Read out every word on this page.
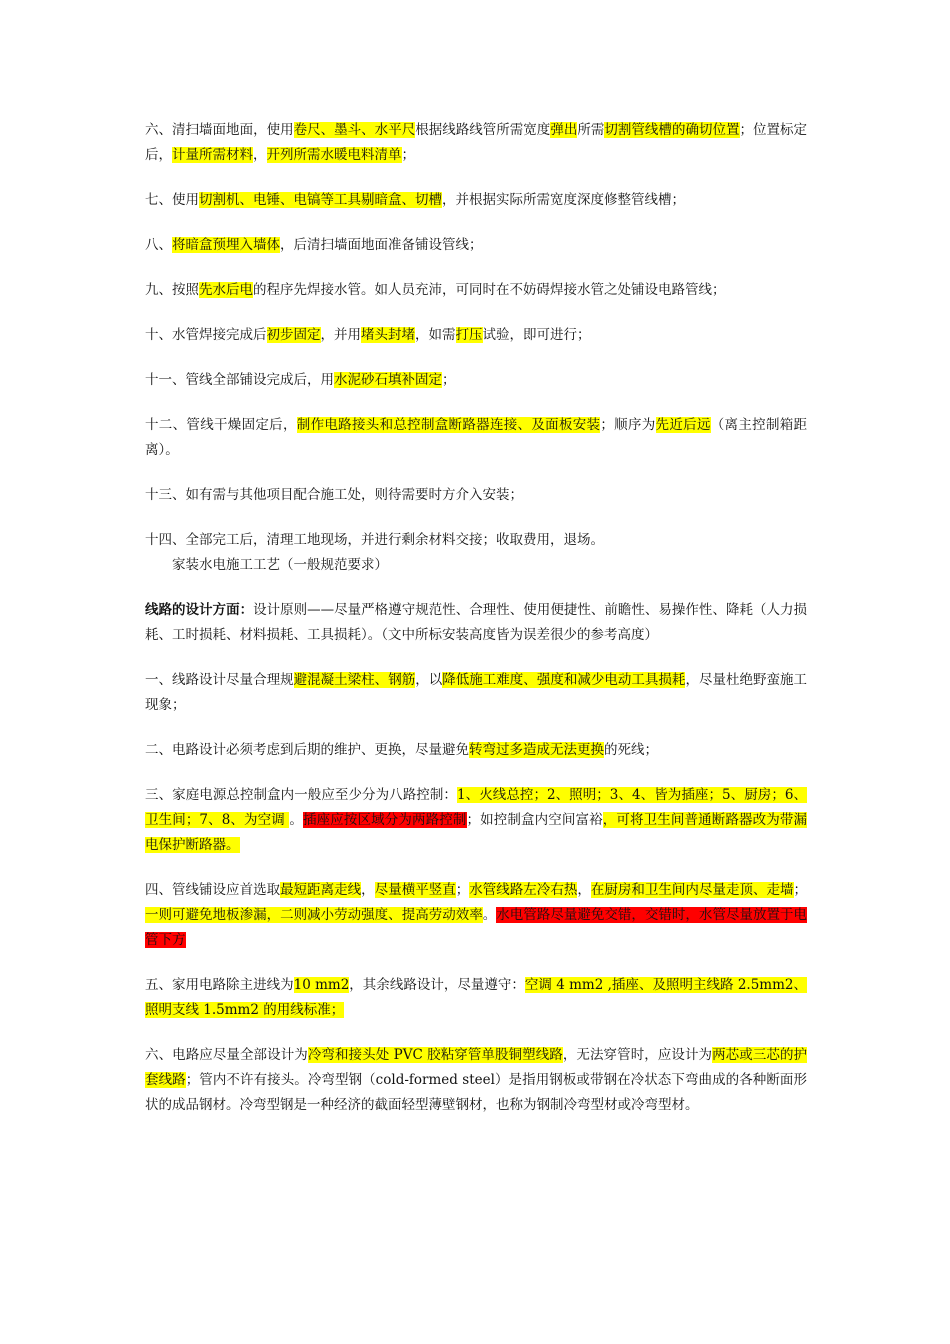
六、清扫墙面地面，使用卷尺、墨斗、水平尺根据线路线管所需宽度弹出所需切割管线槽的确切位置；位置标定后，计量所需材料，开列所需水暖电料清单；

七、使用切割机、电锤、电镐等工具剔暗盒、切槽，并根据实际所需宽度深度修整管线槽；

八、将暗盒预埋入墙体，后清扫墙面地面准备铺设管线；

九、按照先水后电的程序先焊接水管。如人员充沛，可同时在不妨碍焊接水管之处铺设电路管线；

十、水管焊接完成后初步固定，并用堵头封堵，如需打压试验，即可进行；

十一、管线全部铺设完成后，用水泥砂石填补固定；

十二、管线干燥固定后，制作电路接头和总控制盒断路器连接、及面板安装；顺序为先近后远（离主控制箱距离）。

十三、如有需与其他项目配合施工处，则待需要时方介入安装；

十四、全部完工后，清理工地现场，并进行剩余材料交接；收取费用，退场。

家装水电施工工艺（一般规范要求）

线路的设计方面：设计原则——尽量严格遵守规范性、合理性、使用便捷性、前瞻性、易操作性、降耗（人力损耗、工时损耗、材料损耗、工具损耗）。（文中所标安装高度皆为误差很少的参考高度）

一、线路设计尽量合理规避混凝土梁柱、钢筋，以降低施工难度、强度和减少电动工具损耗，尽量杜绝野蛮施工现象；

二、电路设计必须考虑到后期的维护、更换，尽量避免转弯过多造成无法更换的死线；

三、家庭电源总控制盒内一般应至少分为八路控制：1、火线总控；2、照明；3、4、皆为插座；5、厨房；6、卫生间；7、8、为空调 。插座应按区域分为两路控制；如控制盒内空间富裕，可将卫生间普通断路器改为带漏电保护断路器。

四、管线铺设应首选取最短距离走线，尽量横平竖直；水管线路左冷右热，在厨房和卫生间内尽量走顶、走墙；一则可避免地板渗漏，二则减小劳动强度、提高劳动效率。水电管路尽量避免交错，交错时，水管尽量放置于电管下方

五、家用电路除主进线为10 mm2，其余线路设计，尽量遵守：空调 4 mm2 ,插座、及照明主线路 2.5mm2、照明支线 1.5mm2 的用线标准；

六、电路应尽量全部设计为冷弯和接头处 PVC 胶粘穿管单股铜塑线路，无法穿管时，应设计为两芯或三芯的护套线路；管内不许有接头。冷弯型钢（cold-formed steel）是指用钢板或带钢在冷状态下弯曲成的各种断面形状的成品钢材。冷弯型钢是一种经济的截面轻型薄壁钢材，也称为钢制冷弯型材或冷弯型材。
